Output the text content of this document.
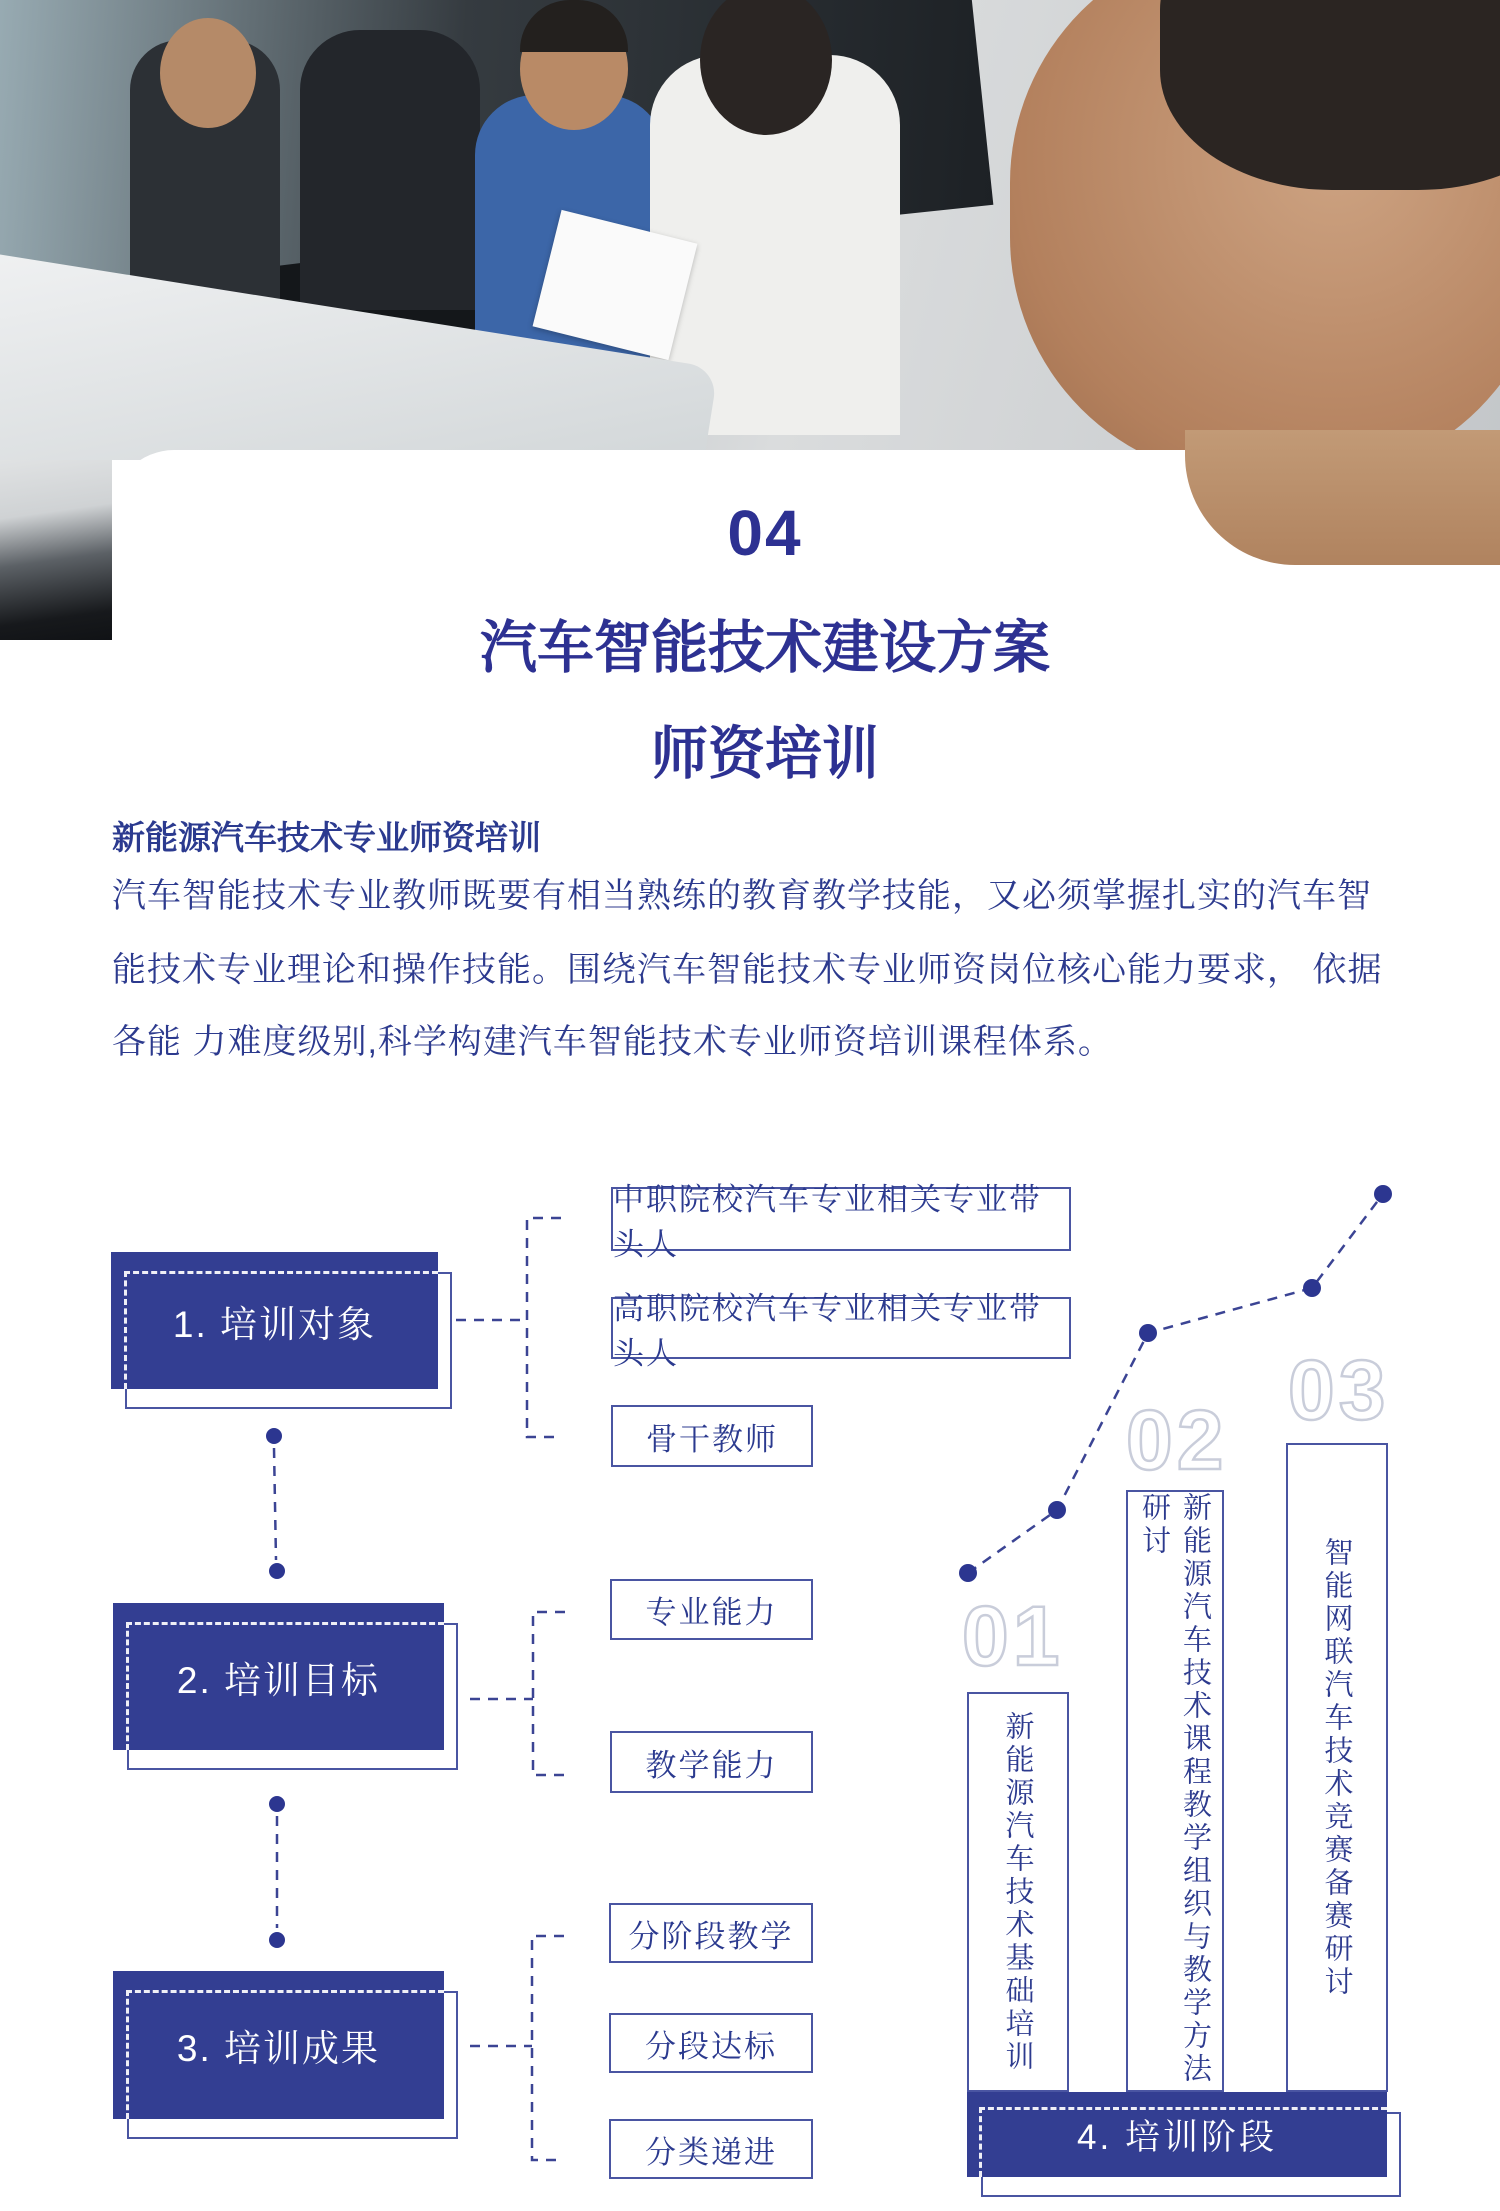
04
汽车智能技术建设方案
师资培训
新能源汽车技术专业师资培训
汽车智能技术专业教师既要有相当熟练的教育教学技能，又必须掌握扎实的汽车智
能技术专业理论和操作技能。围绕汽车智能技术专业师资岗位核心能力要求， 依据
各能 力难度级别,科学构建汽车智能技术专业师资培训课程体系。
1. 培训对象
中职院校汽车专业相关专业带头人
高职院校汽车专业相关专业带头人
骨干教师
2. 培训目标
专业能力
教学能力
3. 培训成果
分阶段教学
分段达标
分类递进
01
02
03
新能源汽车技术基础培训	新能源汽车技术课程教学组织与教学方法研讨
智能网联汽车技术竞赛备赛研讨
4. 培训阶段
